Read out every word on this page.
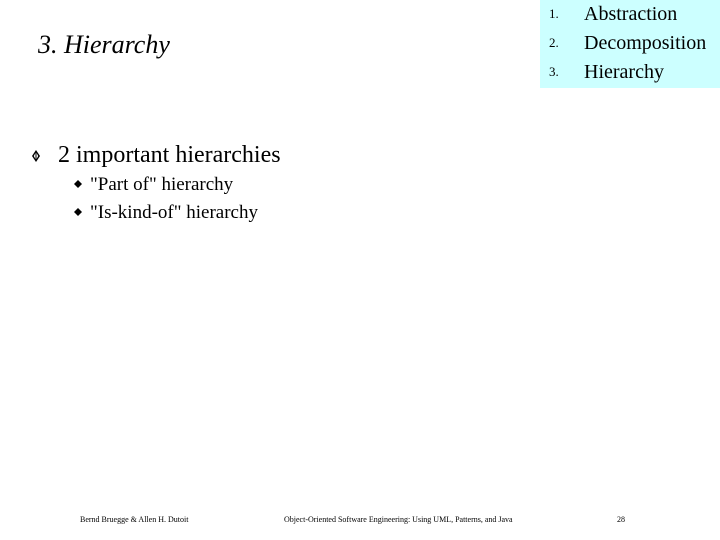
3. Hierarchy
1. Abstraction
2. Decomposition
3. Hierarchy
2 important hierarchies
"Part of" hierarchy
"Is-kind-of" hierarchy
Bernd Bruegge & Allen H. Dutoit	Object-Oriented Software Engineering: Using UML, Patterns, and Java	28
